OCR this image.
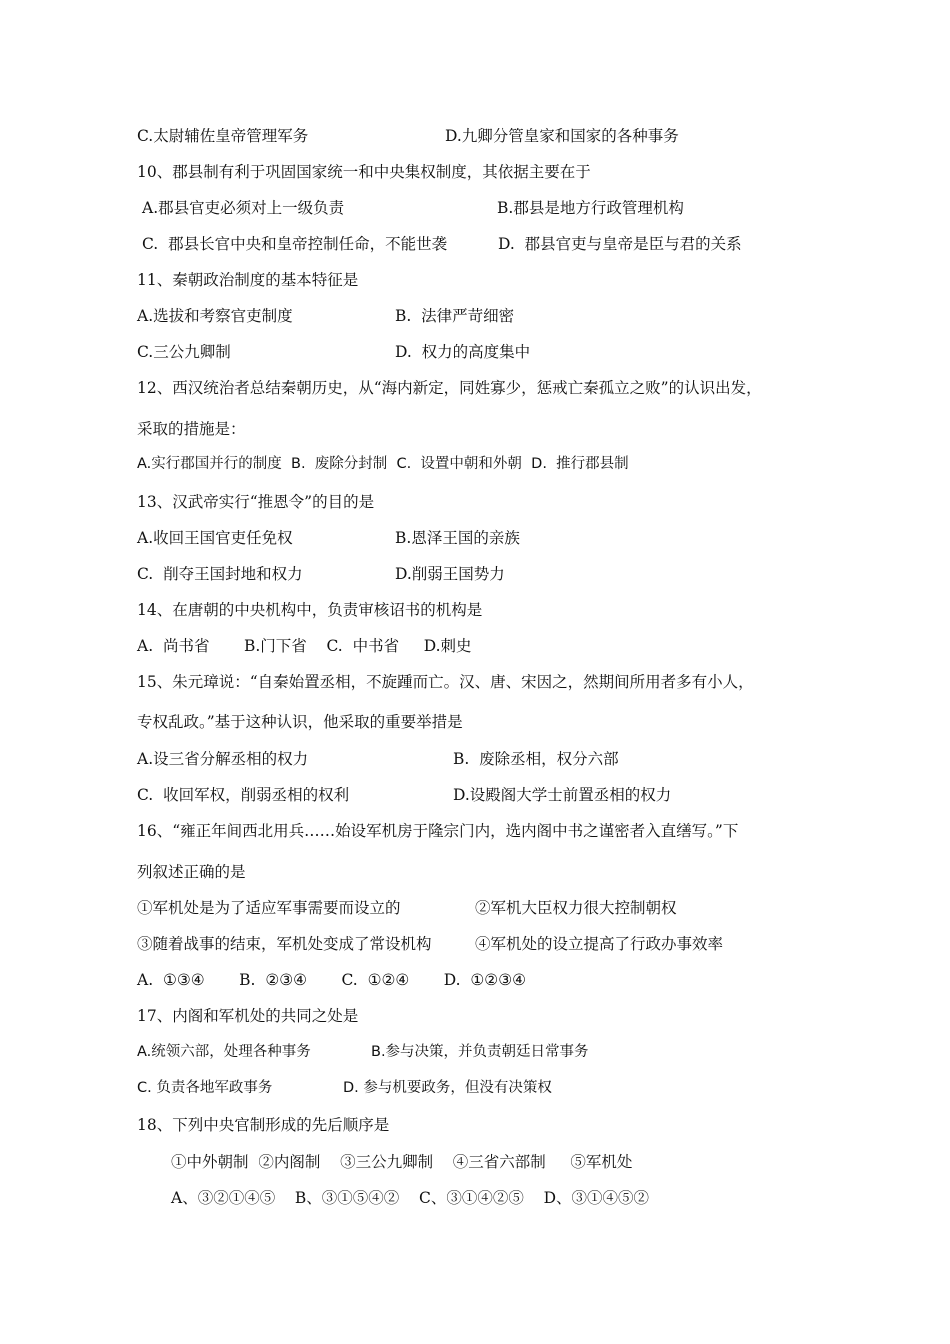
C.太尉辅佐皇帝管理军务	D.九卿分管皇家和国家的各种事务
10、郡县制有利于巩固国家统一和中央集权制度，其依据主要在于
A.郡县官吏必须对上一级负责	B.郡县是地方行政管理机构
C.  郡县长官中央和皇帝控制任命，不能世袭	D.  郡县官吏与皇帝是臣与君的关系
11、秦朝政治制度的基本特征是
A.选拔和考察官吏制度	B.  法律严苛细密
C.三公九卿制	D.  权力的高度集中
12、西汉统治者总结秦朝历史，从“海内新定，同姓寡少，惩戒亡秦孤立之败”的认识出发，
采取的措施是：
A.实行郡国并行的制度  B.  废除分封制  C.  设置中朝和外朝  D.  推行郡县制
13、汉武帝实行“推恩令”的目的是
A.收回王国官吏任免权	B.恩泽王国的亲族
C.  削夺王国封地和权力	D.削弱王国势力
14、在唐朝的中央机构中，负责审核诏书的机构是
A.  尚书省       B.门下省    C.  中书省     D.刺史
15、朱元璋说：“自秦始置丞相，不旋踵而亡。汉、唐、宋因之，然期间所用者多有小人，
专权乱政。”基于这种认识，他采取的重要举措是
A.设三省分解丞相的权力	B.  废除丞相，权分六部
C.  收回军权，削弱丞相的权利	D.设殿阁大学士前置丞相的权力
16、“雍正年间西北用兵……始设军机房于隆宗门内，选内阁中书之谨密者入直缮写。”下
列叙述正确的是
①军机处是为了适应军事需要而设立的	②军机大臣权力很大控制朝权
③随着战事的结束，军机处变成了常设机构	④军机处的设立提高了行政办事效率
A.  ①③④       B.  ②③④       C.  ①②④       D.  ①②③④
17、内阁和军机处的共同之处是
A.统领六部，处理各种事务	B.参与决策，并负责朝廷日常事务
C. 负责各地军政事务	D. 参与机要政务，但没有决策权
18、下列中央官制形成的先后顺序是
①中外朝制  ②内阁制    ③三公九卿制    ④三省六部制     ⑤军机处
A、③②①④⑤    B、③①⑤④②    C、③①④②⑤    D、③①④⑤②
